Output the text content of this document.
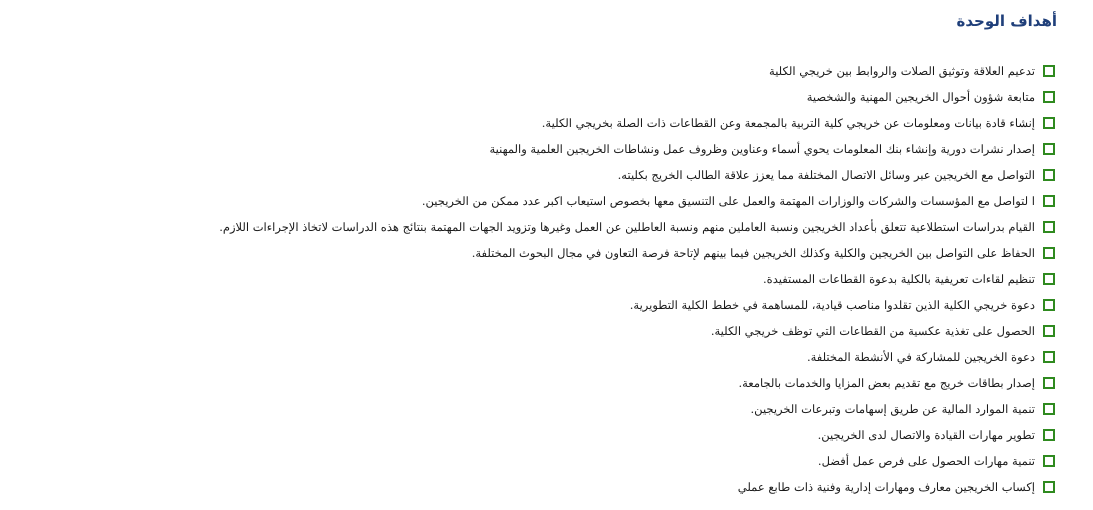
أهداف الوحدة
تدعيم العلاقة وتوثيق الصلات والروابط بين خريجي الكلية
متابعة شؤون أحوال الخريجين المهنية والشخصية
إنشاء قادة بيانات ومعلومات عن خريجي كلية التربية بالمجمعة وعن القطاعات ذات الصلة بخريجي الكلية.
إصدار نشرات دورية وإنشاء بنك المعلومات يحوي أسماء وعناوين وظروف عمل ونشاطات الخريجين العلمية والمهنية
التواصل مع الخريجين عبر وسائل الاتصال المختلفة مما يعزز علاقة الطالب الخريج بكليته.
ا لتواصل مع المؤسسات والشركات والوزارات المهتمة والعمل على التنسيق معها بخصوص استيعاب اكبر عدد ممكن من الخريجين.
القيام بدراسات استطلاعية تتعلق بأعداد الخريجين ونسبة العاملين منهم ونسبة العاطلين عن العمل وغيرها وتزويد الجهات المهتمة بنتائج هذه الدراسات لاتخاذ الإجراءات اللازم.
الحفاظ على التواصل بين الخريجين والكلية وكذلك الخريجين فيما بينهم لإتاحة فرصة التعاون في مجال البحوث المختلفة.
تنظيم لقاءات تعريفية بالكلية بدعوة القطاعات المستفيدة.
دعوة خريجي الكلية الذين تقلدوا مناصب قيادية، للمساهمة في خطط الكلية التطويرية.
الحصول على تغذية عكسية من القطاعات التي توظف خريجي الكلية.
دعوة الخريجين للمشاركة في الأنشطة المختلفة.
إصدار بطاقات خريج مع تقديم بعض المزايا والخدمات بالجامعة.
تنمية الموارد المالية عن طريق إسهامات وتبرعات الخريجين.
تطوير مهارات القيادة والاتصال لدى الخريجين.
تنمية مهارات الحصول على فرص عمل أفضل.
إكساب الخريجين معارف ومهارات إدارية وفنية ذات طابع عملي
